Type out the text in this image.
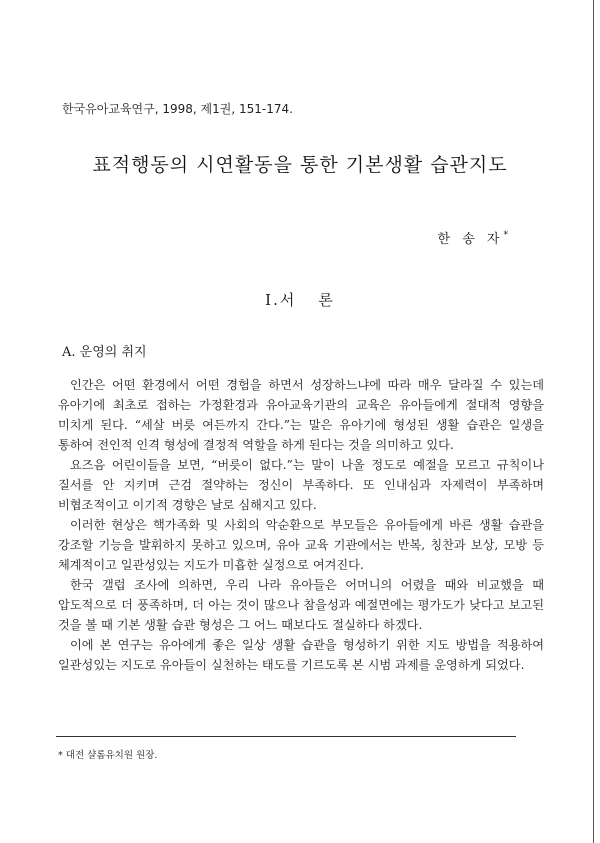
한국유아교육연구, 1998, 제1권, 151-174.
표적행동의 시연활동을 통한 기본생활 습관지도
한 송 자*
I.서 론
A. 운영의 취지

인간은 어떤 환경에서 어떤 경험을 하면서 성장하느냐에 따라 매우 달라질 수 있는데 유아기에 최초로 접하는 가정환경과 유아교육기관의 교육은 유아들에게 절대적 영향을 미치게 된다. “세살 버릇 여든까지 간다.”는 말은 유아기에 형성된 생활 습관은 일생을 통하여 전인적 인격 형성에 결정적 역할을 하게 된다는 것을 의미하고 있다.

요즈음 어린이들을 보면, “버릇이 없다.”는 말이 나올 정도로 예절을 모르고 규칙이나 질서를 안 지키며 근검 절약하는 정신이 부족하다. 또 인내심과 자제력이 부족하며 비협조적이고 이기적 경향은 날로 심해지고 있다.

이러한 현상은 핵가족화 및 사회의 악순환으로 부모들은 유아들에게 바른 생활 습관을 강조할 기능을 발휘하지 못하고 있으며, 유아 교육 기관에서는 반복, 칭찬과 보상, 모방 등 체계적이고 일관성있는 지도가 미흡한 실정으로 여겨진다.

한국 갤럽 조사에 의하면, 우리 나라 유아들은 어머니의 어렸을 때와 비교했을 때 압도적으로 더 풍족하며, 더 아는 것이 많으나 참을성과 예절면에는 평가도가 낮다고 보고된 것을 볼 때 기본 생활 습관 형성은 그 어느 때보다도 절실하다 하겠다.

이에 본 연구는 유아에게 좋은 일상 생활 습관을 형성하기 위한 지도 방법을 적용하여 일관성있는 지도로 유아들이 실천하는 태도를 기르도록 본 시범 과제를 운영하게 되었다.

* 대전 샬롬유치원 원장.
